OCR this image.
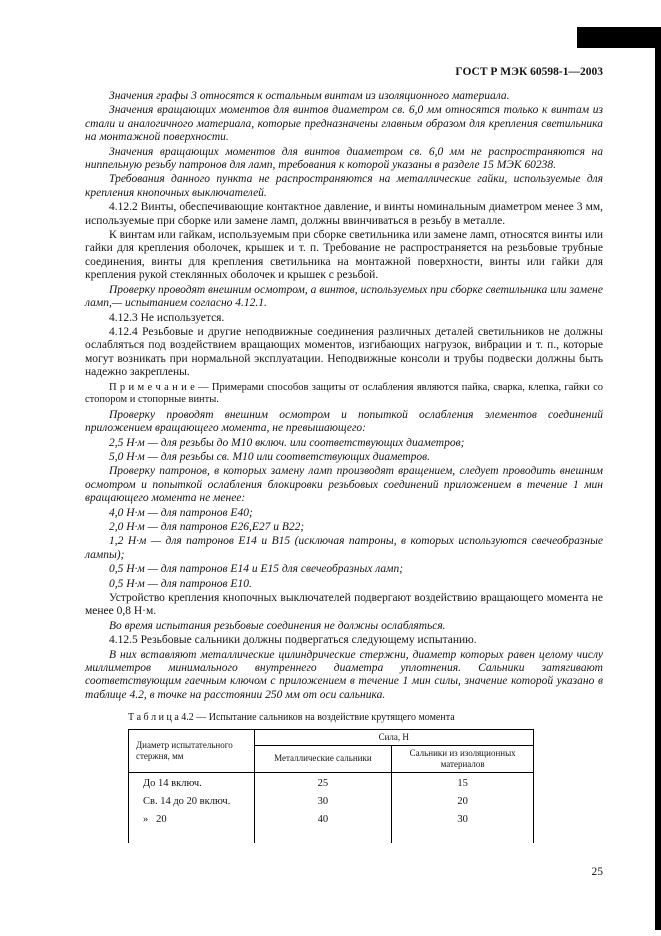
ГОСТ Р МЭК 60598-1—2003

Значения графы 3 относятся к остальным винтам из изоляционного материала.

Значения вращающих моментов для винтов диаметром св. 6,0 мм относятся только к винтам из стали и аналогичного материала, которые предназначены главным образом для крепления светильника на монтажной поверхности.

Значения вращающих моментов для винтов диаметром св. 6,0 мм не распространяются на ниппельную резьбу патронов для ламп, требования к которой указаны в разделе 15 МЭК 60238.

Требования данного пункта не распространяются на металлические гайки, используемые для крепления кнопочных выключателей.

4.12.2 Винты, обеспечивающие контактное давление, и винты номинальным диаметром менее 3 мм, используемые при сборке или замене ламп, должны ввинчиваться в резьбу в металле.

К винтам или гайкам, используемым при сборке светильника или замене ламп, относятся винты или гайки для крепления оболочек, крышек и т. п. Требование не распространяется на резьбовые трубные соединения, винты для крепления светильника на монтажной поверхности, винты или гайки для крепления рукой стеклянных оболочек и крышек с резьбой.

Проверку проводят внешним осмотром, а винтов, используемых при сборке светильника или замене ламп,— испытанием согласно 4.12.1.

4.12.3 Не используется.

4.12.4 Резьбовые и другие неподвижные соединения различных деталей светильников не должны ослабляться под воздействием вращающих моментов, изгибающих нагрузок, вибрации и т. п., которые могут возникать при нормальной эксплуатации. Неподвижные консоли и трубы подвески должны быть надежно закреплены.

П р и м е ч а н и е — Примерами способов защиты от ослабления являются пайка, сварка, клепка, гайки со стопором и стопорные винты.

Проверку проводят внешним осмотром и попыткой ослабления элементов соединений приложением вращающего момента, не превышающего:

2,5 Н·м — для резьбы до М10 включ. или соответствующих диаметров;

5,0 Н·м — для резьбы св. М10 или соответствующих диаметров.

Проверку патронов, в которых замену ламп производят вращением, следует проводить внешним осмотром и попыткой ослабления блокировки резьбовых соединений приложением в течение 1 мин вращающего момента не менее:

4,0 Н·м — для патронов Е40;

2,0 Н·м — для патронов Е26,Е27 и В22;

1,2 Н·м — для патронов Е14 и В15 (исключая патроны, в которых используются свечеобразные лампы);

0,5 Н·м — для патронов Е14 и Е15 для свечеобразных ламп;

0,5 Н·м — для патронов Е10.

Устройство крепления кнопочных выключателей подвергают воздействию вращающего момента не менее 0,8 Н·м.

Во время испытания резьбовые соединения не должны ослабляться.

4.12.5 Резьбовые сальники должны подвергаться следующему испытанию.

В них вставляют металлические цилиндрические стержни, диаметр которых равен целому числу миллиметров минимального внутреннего диаметра уплотнения. Сальники затягивают соответствующим гаечным ключом с приложением в течение 1 мин силы, значение которой указано в таблице 4.2, в точке на расстоянии 250 мм от оси сальника.

Т а б л и ц а 4.2 — Испытание сальников на воздействие крутящего момента
Диаметр испытательного стержня, мм	Сила, Н	
	Металлические сальники	Сальники из изоляционных материалов
До 14 включ.	25	15
Св. 14 до 20 включ.	30	20
»   20	40	30
25
